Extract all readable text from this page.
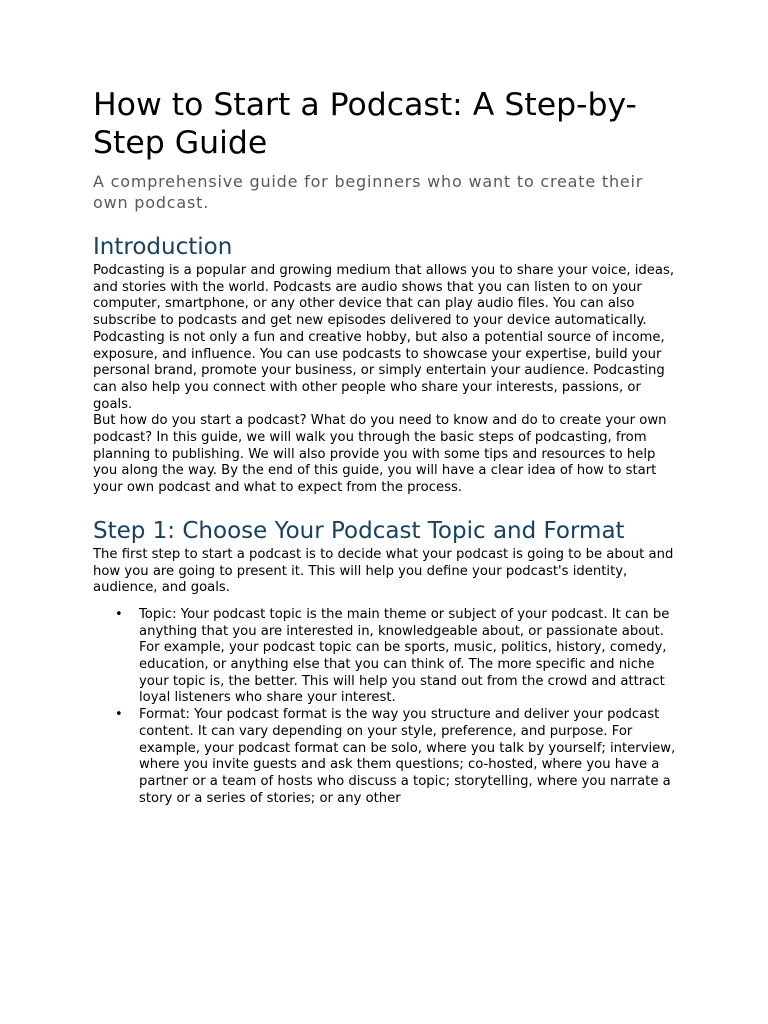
How to Start a Podcast: A Step-by-Step Guide
A comprehensive guide for beginners who want to create their own podcast.
Introduction

Podcasting is a popular and growing medium that allows you to share your voice, ideas, and stories with the world. Podcasts are audio shows that you can listen to on your computer, smartphone, or any other device that can play audio files. You can also subscribe to podcasts and get new episodes delivered to your device automatically.

Podcasting is not only a fun and creative hobby, but also a potential source of income, exposure, and influence. You can use podcasts to showcase your expertise, build your personal brand, promote your business, or simply entertain your audience. Podcasting can also help you connect with other people who share your interests, passions, or goals.

But how do you start a podcast? What do you need to know and do to create your own podcast? In this guide, we will walk you through the basic steps of podcasting, from planning to publishing. We will also provide you with some tips and resources to help you along the way. By the end of this guide, you will have a clear idea of how to start your own podcast and what to expect from the process.

Step 1: Choose Your Podcast Topic and Format

The first step to start a podcast is to decide what your podcast is going to be about and how you are going to present it. This will help you define your podcast's identity, audience, and goals.

• Topic: Your podcast topic is the main theme or subject of your podcast. It can be anything that you are interested in, knowledgeable about, or passionate about. For example, your podcast topic can be sports, music, politics, history, comedy, education, or anything else that you can think of. The more specific and niche your topic is, the better. This will help you stand out from the crowd and attract loyal listeners who share your interest.
• Format: Your podcast format is the way you structure and deliver your podcast content. It can vary depending on your style, preference, and purpose. For example, your podcast format can be solo, where you talk by yourself; interview, where you invite guests and ask them questions; co-hosted, where you have a partner or a team of hosts who discuss a topic; storytelling, where you narrate a story or a series of stories; or any other
